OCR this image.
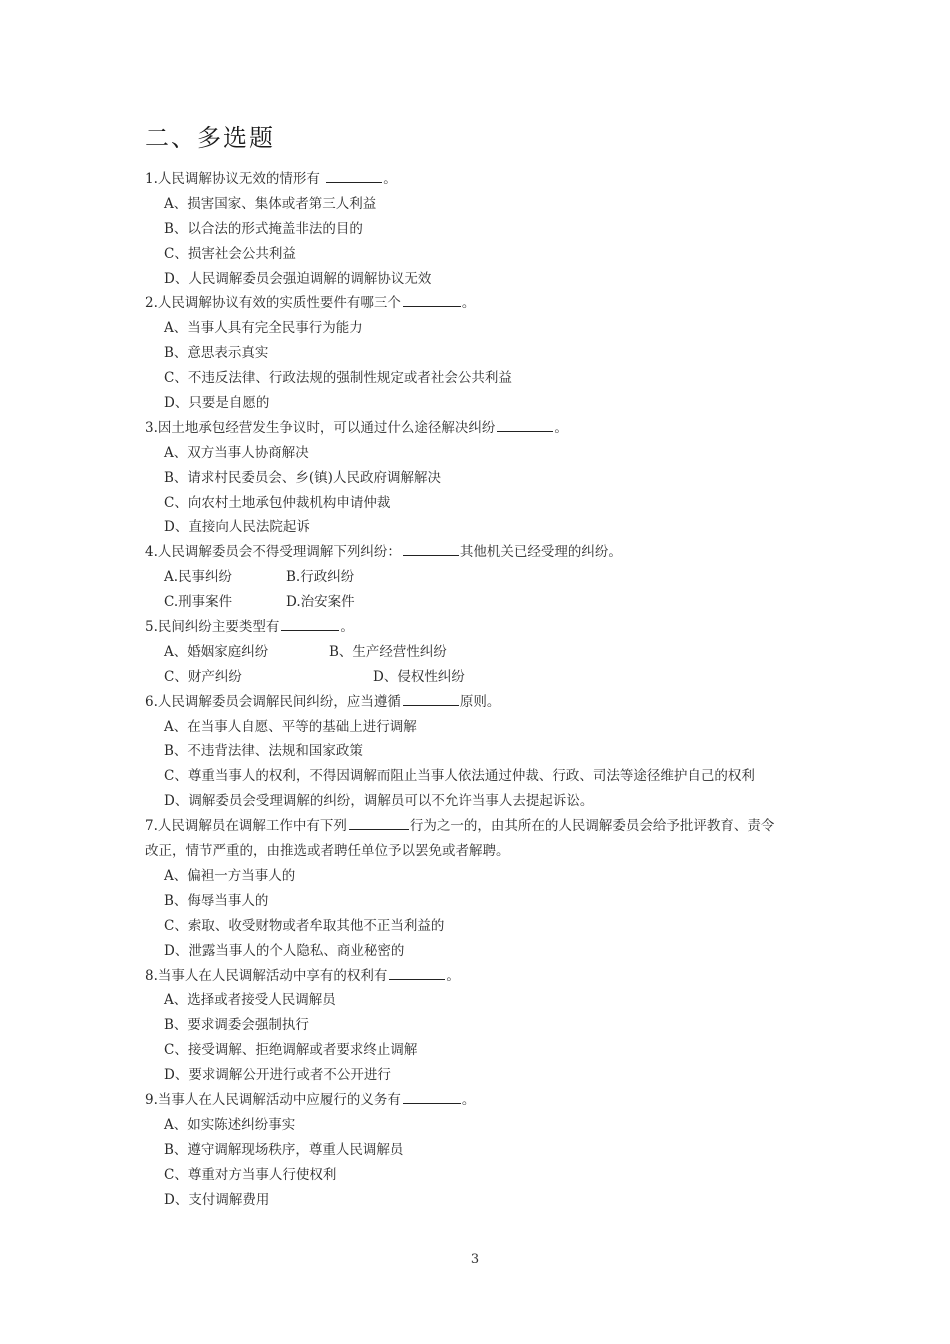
二、多选题
1.人民调解协议无效的情形有	。
A、损害国家、集体或者第三人利益
B、以合法的形式掩盖非法的目的
C、损害社会公共利益
D、人民调解委员会强迫调解的调解协议无效
2.人民调解协议有效的实质性要件有哪三个	。
A、当事人具有完全民事行为能力
B、意思表示真实
C、不违反法律、行政法规的强制性规定或者社会公共利益
D、只要是自愿的
3.因土地承包经营发生争议时，可以通过什么途径解决纠纷	。
A、双方当事人协商解决
B、请求村民委员会、乡(镇)人民政府调解解决
C、向农村土地承包仲裁机构申请仲裁
D、直接向人民法院起诉
4.人民调解委员会不得受理调解下列纠纷：	其他机关已经受理的纠纷。
A.民事纠纷	B.行政纠纷
C.刑事案件	D.治安案件
5.民间纠纷主要类型有	。
A、婚姻家庭纠纷	B、生产经营性纠纷
C、财产纠纷	D、侵权性纠纷
6.人民调解委员会调解民间纠纷，应当遵循	原则。
A、在当事人自愿、平等的基础上进行调解
B、不违背法律、法规和国家政策
C、尊重当事人的权利，不得因调解而阻止当事人依法通过仲裁、行政、司法等途径维护自己的权利
D、调解委员会受理调解的纠纷，调解员可以不允许当事人去提起诉讼。
7.人民调解员在调解工作中有下列	行为之一的，由其所在的人民调解委员会给予批评教育、责令
改正，情节严重的，由推选或者聘任单位予以罢免或者解聘。
A、偏袒一方当事人的
B、侮辱当事人的
C、索取、收受财物或者牟取其他不正当利益的
D、泄露当事人的个人隐私、商业秘密的
8.当事人在人民调解活动中享有的权利有	。
A、选择或者接受人民调解员
B、要求调委会强制执行
C、接受调解、拒绝调解或者要求终止调解
D、要求调解公开进行或者不公开进行
9.当事人在人民调解活动中应履行的义务有	。
A、如实陈述纠纷事实
B、遵守调解现场秩序，尊重人民调解员
C、尊重对方当事人行使权利
D、支付调解费用
3
